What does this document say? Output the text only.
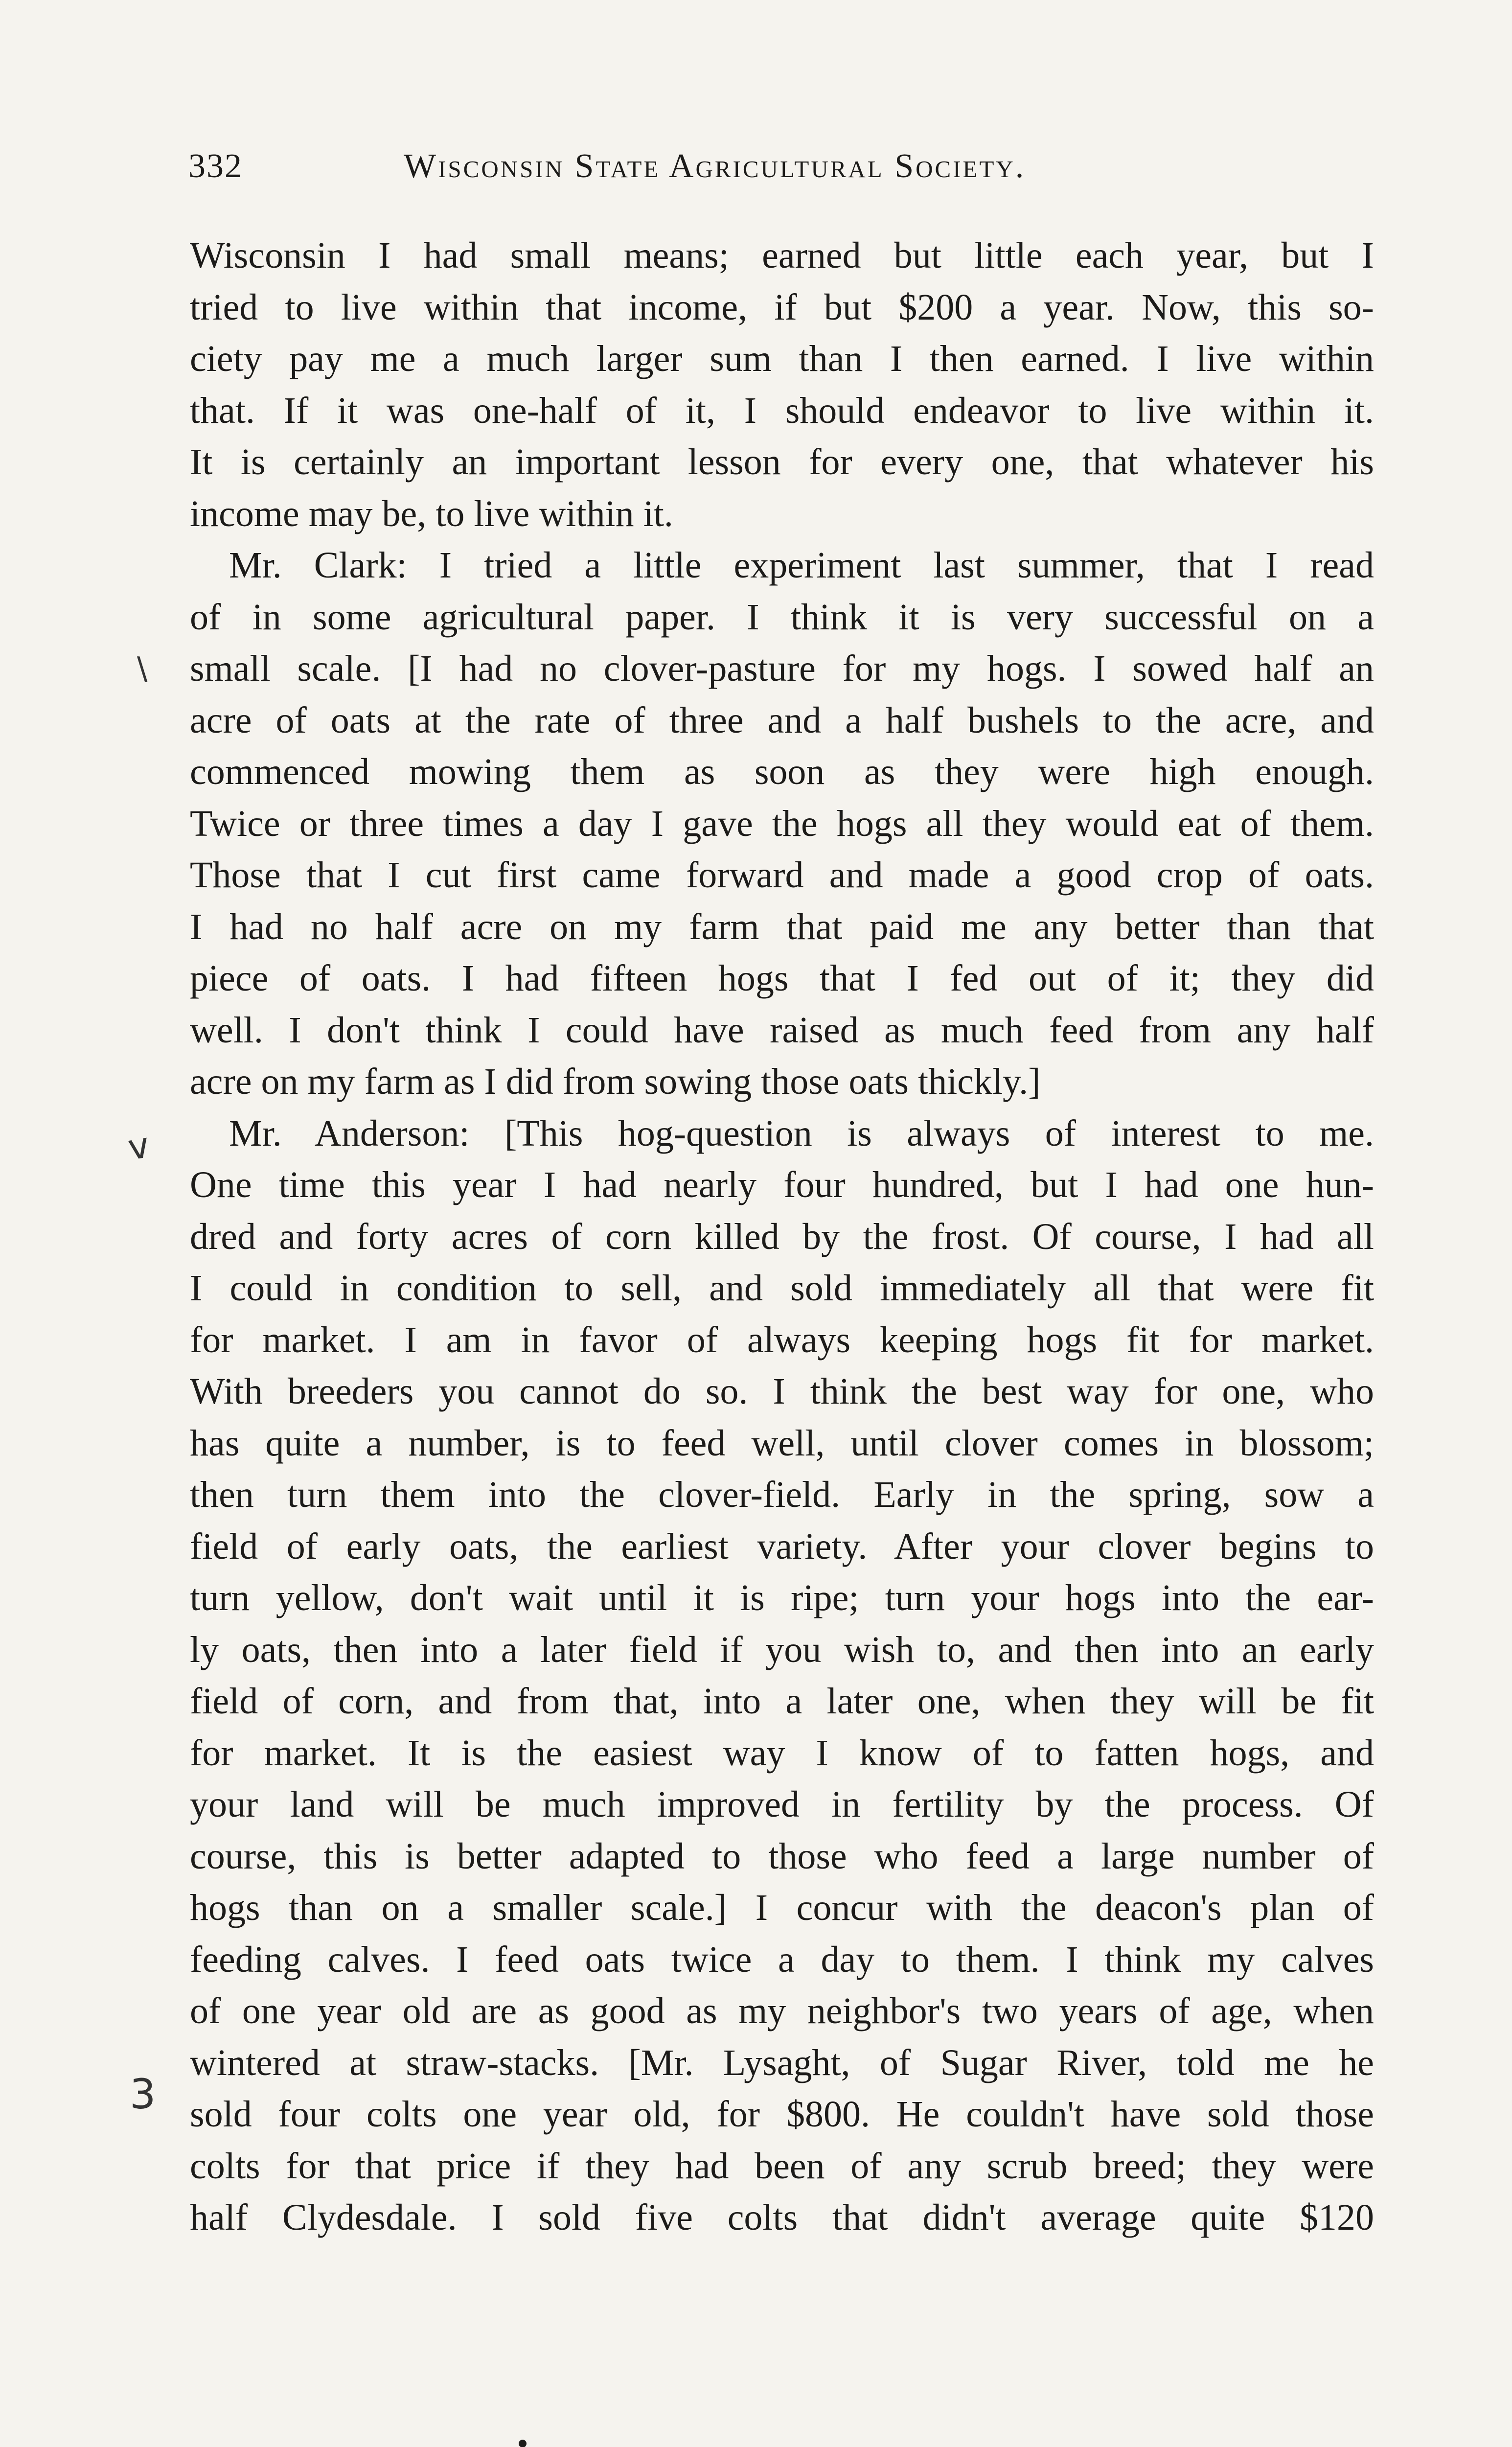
332	Wisconsin State Agricultural Society.
\
v
3
Wisconsin I had small means; earned but little each year, but I
tried to live within that income, if but $200 a year. Now, this so-
ciety pay me a much larger sum than I then earned. I live within
that. If it was one-half of it, I should endeavor to live within it.
It is certainly an important lesson for every one, that whatever his
income may be, to live within it.
Mr. Clark: I tried a little experiment last summer, that I read
of in some agricultural paper. I think it is very successful on a
small scale. [I had no clover-pasture for my hogs. I sowed half an
acre of oats at the rate of three and a half bushels to the acre, and
commenced mowing them as soon as they were high enough.
Twice or three times a day I gave the hogs all they would eat of them.
Those that I cut first came forward and made a good crop of oats.
I had no half acre on my farm that paid me any better than that
piece of oats. I had fifteen hogs that I fed out of it; they did
well. I don't think I could have raised as much feed from any half
acre on my farm as I did from sowing those oats thickly.]
Mr. Anderson: [This hog-question is always of interest to me.
One time this year I had nearly four hundred, but I had one hun-
dred and forty acres of corn killed by the frost. Of course, I had all
I could in condition to sell, and sold immediately all that were fit
for market. I am in favor of always keeping hogs fit for market.
With breeders you cannot do so. I think the best way for one, who
has quite a number, is to feed well, until clover comes in blossom;
then turn them into the clover-field. Early in the spring, sow a
field of early oats, the earliest variety. After your clover begins to
turn yellow, don't wait until it is ripe; turn your hogs into the ear-
ly oats, then into a later field if you wish to, and then into an early
field of corn, and from that, into a later one, when they will be fit
for market. It is the easiest way I know of to fatten hogs, and
your land will be much improved in fertility by the process. Of
course, this is better adapted to those who feed a large number of
hogs than on a smaller scale.] I concur with the deacon's plan of
feeding calves. I feed oats twice a day to them. I think my calves
of one year old are as good as my neighbor's two years of age, when
wintered at straw-stacks. [Mr. Lysaght, of Sugar River, told me he
sold four colts one year old, for $800. He couldn't have sold those
colts for that price if they had been of any scrub breed; they were
half Clydesdale. I sold five colts that didn't average quite $120
